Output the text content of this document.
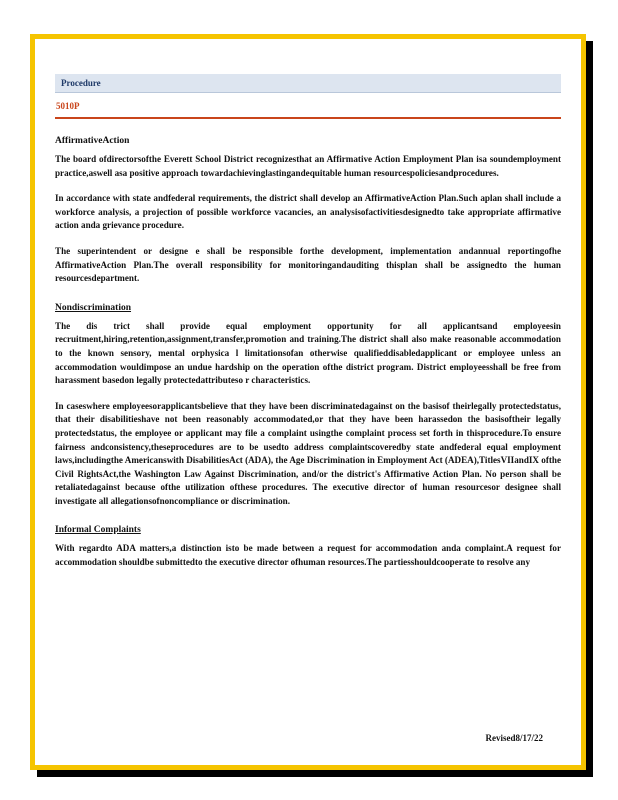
Procedure
5010P
AffirmativeAction
The board ofdirectorsofthe Everett School District recognizesthat an Affirmative Action Employment Plan isa soundemployment practice,aswell asa positive approach towardachievinglastingandequitable human resourcespoliciesandprocedures.
In accordance with state andfederal requirements, the district shall develop an AffirmativeAction Plan.Such aplan shall include a workforce analysis, a projection of possible workforce vacancies, an analysisofactivitiesdesignedto take appropriate affirmative action anda grievance procedure.
The superintendent or designe e shall be responsible forthe development, implementation andannual reportingofhe AffirmativeAction Plan.The overall responsibility for monitoringandauditing thisplan shall be assignedto the human resourcesdepartment.
Nondiscrimination
The dis trict shall provide equal employment opportunity for all applicantsand employeesin recruitment,hiring,retention,assignment,transfer,promotion and training.The district shall also make reasonable accommodation to the known sensory, mental orphysica l limitationsofan otherwise qualifieddisabledapplicant or employee unless an accommodation wouldimpose an undue hardship on the operation ofthe district program. District employeesshall be free from harassment basedon legally protectedattributeso r characteristics.
In caseswhere employeesorapplicantsbelieve that they have been discriminatedagainst on the basisof theirlegally protectedstatus, that their disabilitieshave not been reasonably accommodated,or that they have been harassedon the basisoftheir legally protectedstatus, the employee or applicant may file a complaint usingthe complaint process set forth in thisprocedure.To ensure fairness andconsistency,theseprocedures are to be usedto address complaintscoveredby state andfederal equal employment laws,includingthe Americanswith DisabilitiesAct (ADA), the Age Discrimination in Employment Act (ADEA),TitlesVIIandIX ofthe Civil RightsAct,the Washington Law Against Discrimination, and/or the district's Affirmative Action Plan. No person shall be retaliatedagainst because ofthe utilization ofthese procedures. The executive director of human resourcesor designee shall investigate all allegationsofnoncompliance or discrimination.
Informal Complaints
With regardto ADA matters,a distinction isto be made between a request for accommodation anda complaint.A request for accommodation shouldbe submittedto the executive director ofhuman resources.The partiesshouldcooperate to resolve any
Revised8/17/22
